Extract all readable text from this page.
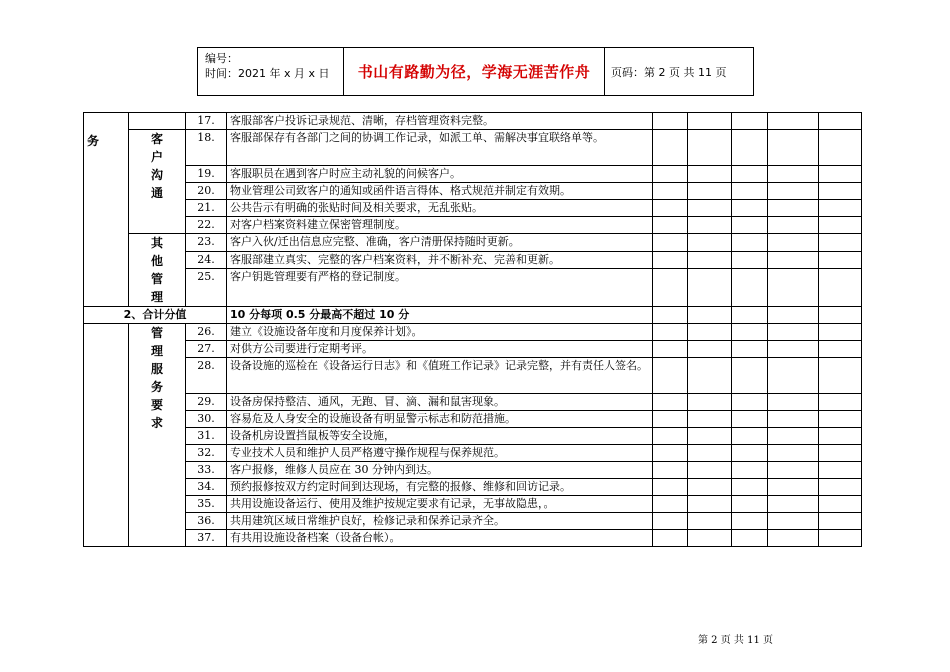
编号：
时间：2021 年 x 月 x 日	书山有路勤为径，学海无涯苦作舟	页码：第 2 页 共 11 页
务		17.	客服部客户投诉记录规范、清晰，存档管理资料完整。					
	客户沟通	18.	客服部保存有各部门之间的协调工作记录，如派工单、需解决事宜联络单等。					
		19.	客服职员在遇到客户时应主动礼貌的问候客户。					
		20.	物业管理公司致客户的通知或函件语言得体、格式规范并制定有效期。					
		21.	公共告示有明确的张贴时间及相关要求，无乱张贴。					
		22.	对客户档案资料建立保密管理制度。					
	其他管理	23.	客户入伙/迁出信息应完整、准确，客户清册保持随时更新。					
		24.	客服部建立真实、完整的客户档案资料，并不断补充、完善和更新。					
		25.	客户钥匙管理要有严格的登记制度。					
2、合计分值			10 分每项 0.5 分最高不超过 10 分					
	管理服务要求	26.	建立《设施设备年度和月度保养计划》。					
		27.	对供方公司要进行定期考评。					
		28.	设备设施的巡检在《设备运行日志》和《值班工作记录》记录完整，并有责任人签名。					
		29.	设备房保持整洁、通风，无跑、冒、滴、漏和鼠害现象。					
		30.	容易危及人身安全的设施设备有明显警示标志和防范措施。					
		31.	设备机房设置挡鼠板等安全设施，					
		32.	专业技术人员和维护人员严格遵守操作规程与保养规范。					
		33.	客户报修，维修人员应在 30 分钟内到达。					
		34.	预约报修按双方约定时间到达现场，有完整的报修、维修和回访记录。					
		35.	共用设施设备运行、使用及维护按规定要求有记录，无事故隐患，。					
		36.	共用建筑区域日常维护良好，检修记录和保养记录齐全。					
		37.	有共用设施设备档案（设备台帐）。					
第 2 页 共 11 页
